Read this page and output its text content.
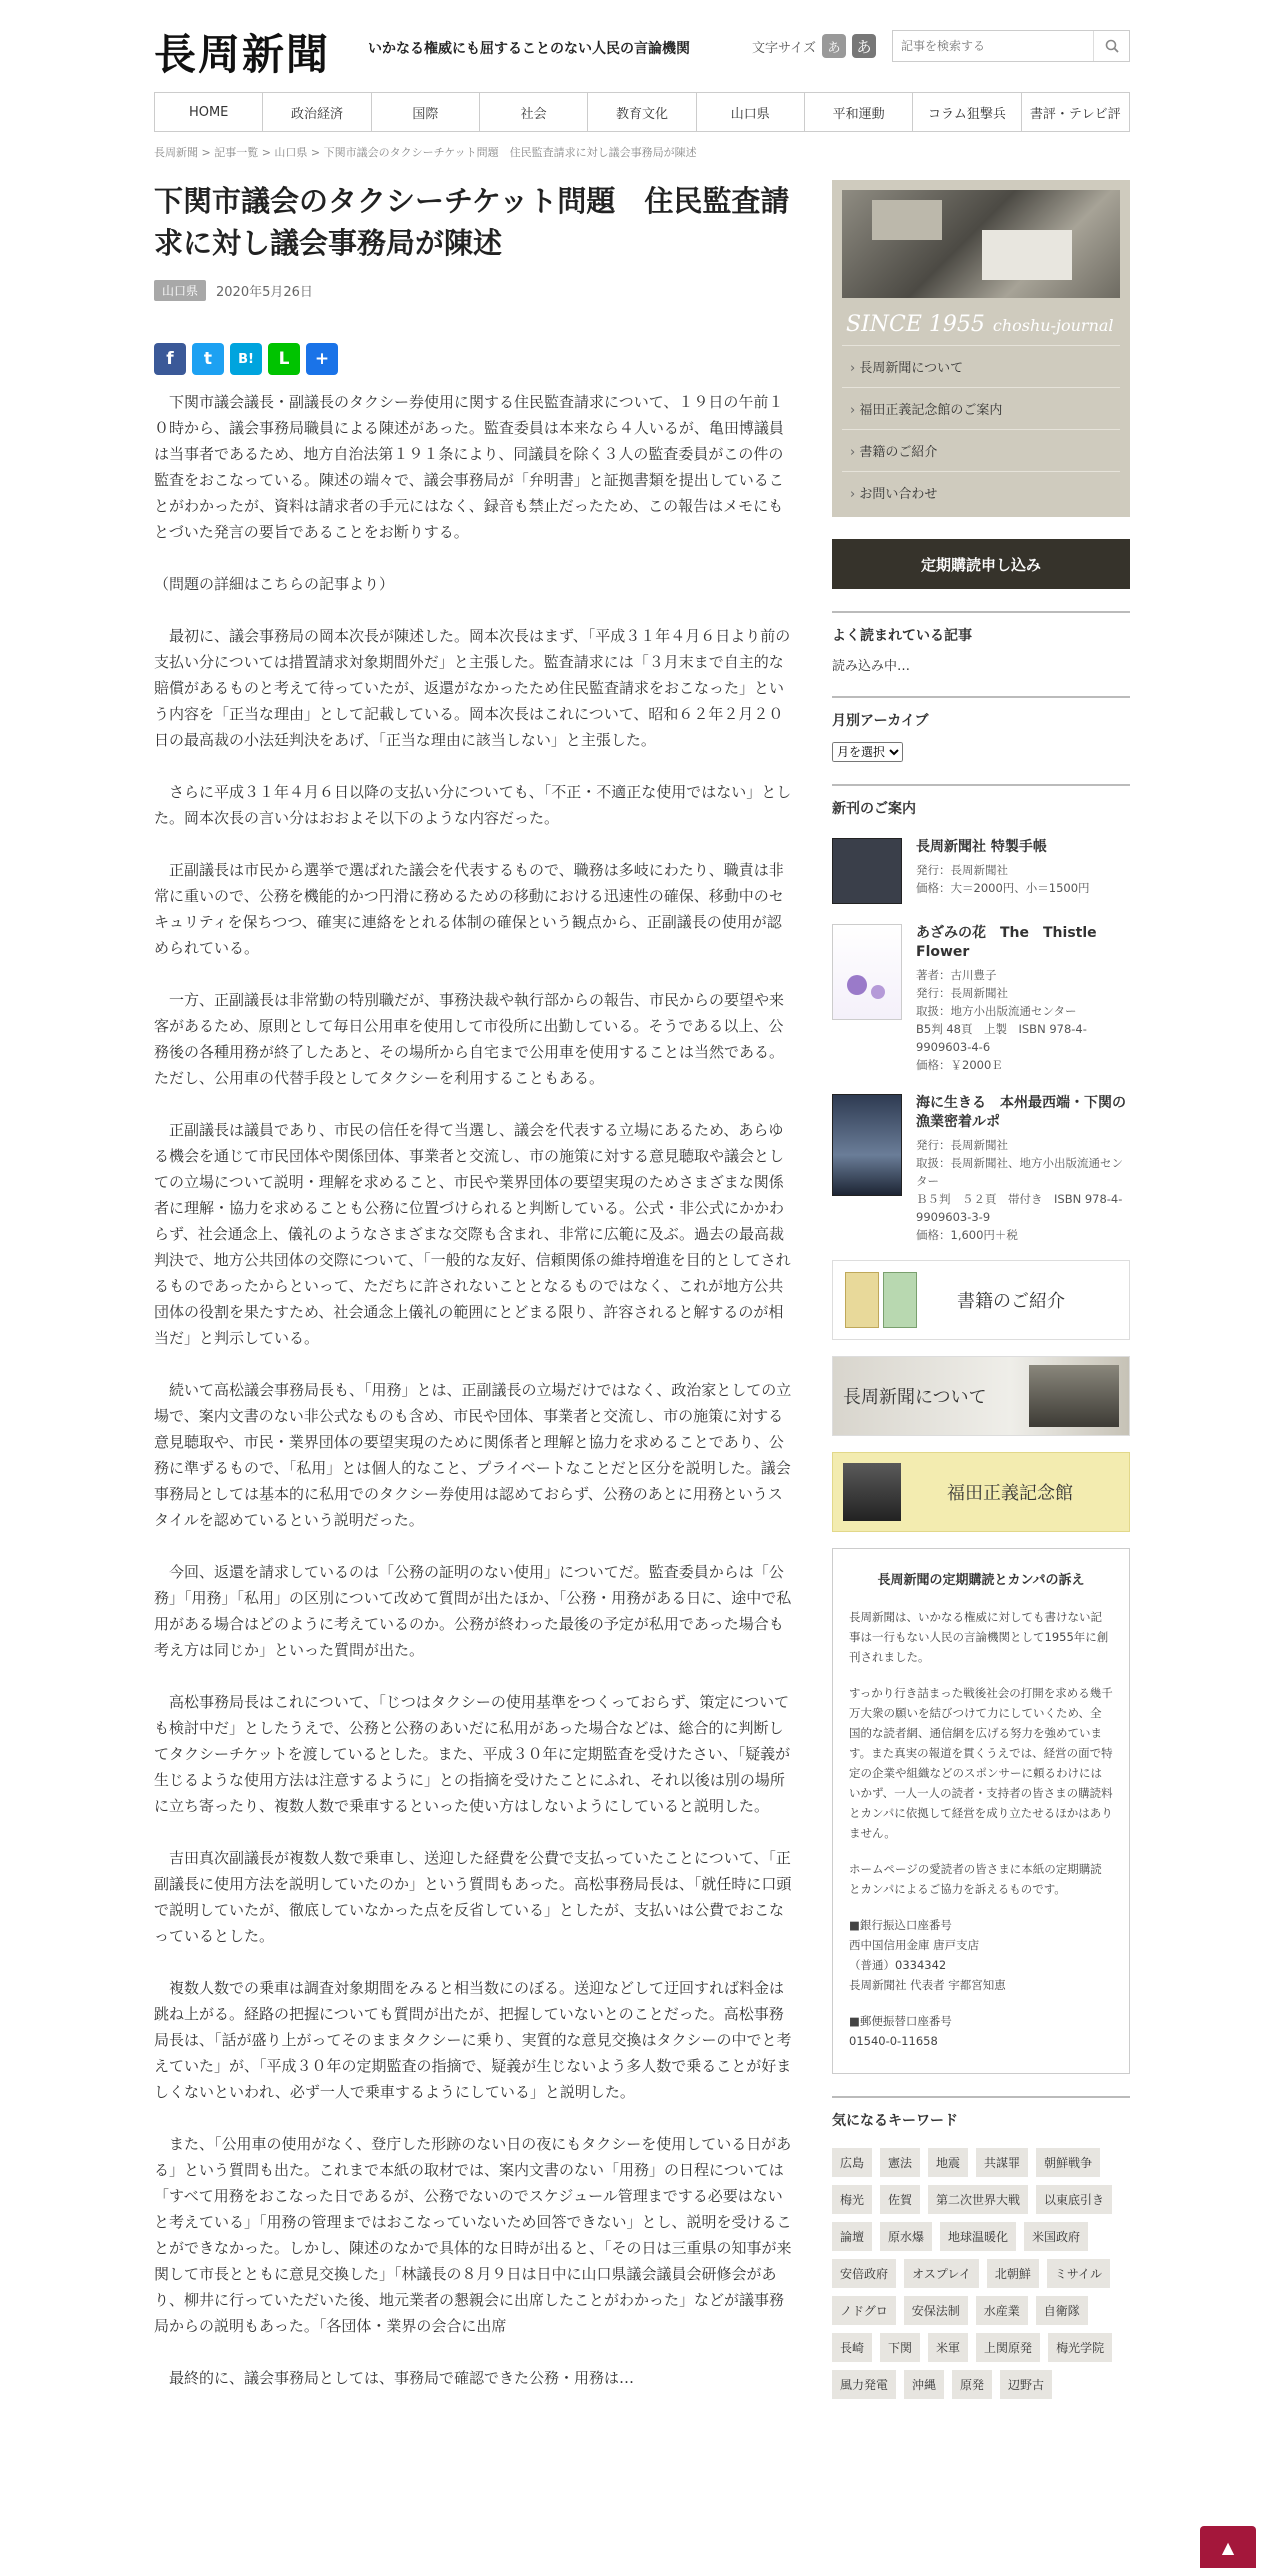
長周新聞	いかなる権威にも屈することのない人民の言論機関	文字サイズ あ	あ
記事を検索する
HOME	政治経済	国際	社会	教育文化	山口県	平和運動	コラム狙撃兵	書評・テレビ評
長周新聞 > 記事一覧 > 山口県 > 下関市議会のタクシーチケット問題　住民監査請求に対し議会事務局が陳述
下関市議会のタクシーチケット問題　住民監査請求に対し議会事務局が陳述
山口県	2020年5月26日
f	t	B!	L	+

下関市議会議長・副議長のタクシー券使用に関する住民監査請求について、１９日の午前１０時から、議会事務局職員による陳述があった。監査委員は本来なら４人いるが、亀田博議員は当事者であるため、地方自治法第１９１条により、同議員を除く３人の監査委員がこの件の監査をおこなっている。陳述の端々で、議会事務局が「弁明書」と証拠書類を提出していることがわかったが、資料は請求者の手元にはなく、録音も禁止だったため、この報告はメモにもとづいた発言の要旨であることをお断りする。

（問題の詳細はこちらの記事より）

最初に、議会事務局の岡本次長が陳述した。岡本次長はまず、「平成３１年４月６日より前の支払い分については措置請求対象期間外だ」と主張した。監査請求には「３月末まで自主的な賠償があるものと考えて待っていたが、返還がなかったため住民監査請求をおこなった」という内容を「正当な理由」として記載している。岡本次長はこれについて、昭和６２年２月２０日の最高裁の小法廷判決をあげ、「正当な理由に該当しない」と主張した。

さらに平成３１年４月６日以降の支払い分についても、「不正・不適正な使用ではない」とした。岡本次長の言い分はおおよそ以下のような内容だった。

正副議長は市民から選挙で選ばれた議会を代表するもので、職務は多岐にわたり、職責は非常に重いので、公務を機能的かつ円滑に務めるための移動における迅速性の確保、移動中のセキュリティを保ちつつ、確実に連絡をとれる体制の確保という観点から、正副議長の使用が認められている。

一方、正副議長は非常勤の特別職だが、事務決裁や執行部からの報告、市民からの要望や来客があるため、原則として毎日公用車を使用して市役所に出勤している。そうである以上、公務後の各種用務が終了したあと、その場所から自宅まで公用車を使用することは当然である。ただし、公用車の代替手段としてタクシーを利用することもある。

正副議長は議員であり、市民の信任を得て当選し、議会を代表する立場にあるため、あらゆる機会を通じて市民団体や関係団体、事業者と交流し、市の施策に対する意見聴取や議会としての立場について説明・理解を求めること、市民や業界団体の要望実現のためさまざまな関係者に理解・協力を求めることも公務に位置づけられると判断している。公式・非公式にかかわらず、社会通念上、儀礼のようなさまざまな交際も含まれ、非常に広範に及ぶ。過去の最高裁判決で、地方公共団体の交際について、「一般的な友好、信頼関係の維持増進を目的としてされるものであったからといって、ただちに許されないこととなるものではなく、これが地方公共団体の役割を果たすため、社会通念上儀礼の範囲にとどまる限り、許容されると解するのが相当だ」と判示している。

続いて高松議会事務局長も、「用務」とは、正副議長の立場だけではなく、政治家としての立場で、案内文書のない非公式なものも含め、市民や団体、事業者と交流し、市の施策に対する意見聴取や、市民・業界団体の要望実現のために関係者と理解と協力を求めることであり、公務に準ずるもので、「私用」とは個人的なこと、プライベートなことだと区分を説明した。議会事務局としては基本的に私用でのタクシー券使用は認めておらず、公務のあとに用務というスタイルを認めているという説明だった。

今回、返還を請求しているのは「公務の証明のない使用」についてだ。監査委員からは「公務」「用務」「私用」の区別について改めて質問が出たほか、「公務・用務がある日に、途中で私用がある場合はどのように考えているのか。公務が終わった最後の予定が私用であった場合も考え方は同じか」といった質問が出た。

高松事務局長はこれについて、「じつはタクシーの使用基準をつくっておらず、策定についても検討中だ」としたうえで、公務と公務のあいだに私用があった場合などは、総合的に判断してタクシーチケットを渡しているとした。また、平成３０年に定期監査を受けたさい、「疑義が生じるような使用方法は注意するように」との指摘を受けたことにふれ、それ以後は別の場所に立ち寄ったり、複数人数で乗車するといった使い方はしないようにしていると説明した。

吉田真次副議長が複数人数で乗車し、送迎した経費を公費で支払っていたことについて、「正副議長に使用方法を説明していたのか」という質問もあった。高松事務局長は、「就任時に口頭で説明していたが、徹底していなかった点を反省している」としたが、支払いは公費でおこなっているとした。

複数人数での乗車は調査対象期間をみると相当数にのぼる。送迎などして迂回すれば料金は跳ね上がる。経路の把握についても質問が出たが、把握していないとのことだった。高松事務局長は、「話が盛り上がってそのままタクシーに乗り、実質的な意見交換はタクシーの中でと考えていた」が、「平成３０年の定期監査の指摘で、疑義が生じないよう多人数で乗ることが好ましくないといわれ、必ず一人で乗車するようにしている」と説明した。

また、「公用車の使用がなく、登庁した形跡のない日の夜にもタクシーを使用している日がある」という質問も出た。これまで本紙の取材では、案内文書のない「用務」の日程については「すべて用務をおこなった日であるが、公務でないのでスケジュール管理までする必要はないと考えている」「用務の管理まではおこなっていないため回答できない」とし、説明を受けることができなかった。しかし、陳述のなかで具体的な日時が出ると、「その日は三重県の知事が来関して市長とともに意見交換した」「林議長の８月９日は日中に山口県議会議員会研修会があり、柳井に行っていただいた後、地元業者の懇親会に出席したことがわかった」などが議事務局からの説明もあった。「各団体・業界の会合に出席

最終的に、議会事務局としては、事務局で確認できた公務・用務は…

SINCE 1955 choshu-journal
› 長周新聞について
› 福田正義記念館のご案内
› 書籍のご紹介
› お問い合わせ
定期購読申し込み
よく読まれている記事
読み込み中…
月別アーカイブ
月を選択
新刊のご案内
長周新聞社 特製手帳
発行：長周新聞社
価格：大＝2000円、小＝1500円
あざみの花　The　Thistle Flower
著者：古川豊子
発行：長周新聞社
取扱：地方小出版流通センター
B5判 48頁　上製　ISBN 978-4-9909603-4-6
価格：￥2000Ｅ
海に生きる　本州最西端・下関の漁業密着ルポ
発行：長周新聞社
取扱：長周新聞社、地方小出版流通センター
Ｂ５判　５２頁　帯付き　ISBN 978-4-9909603-3-9
価格：1,600円＋税
書籍のご紹介
長周新聞について
福田正義記念館
長周新聞の定期購読とカンパの訴え

長周新聞は、いかなる権威に対しても書けない記事は一行もない人民の言論機関として1955年に創刊されました。

すっかり行き詰まった戦後社会の打開を求める幾千万大衆の願いを結びつけて力にしていくため、全国的な読者網、通信網を広げる努力を強めています。また真実の報道を貫くうえでは、経営の面で特定の企業や組織などのスポンサーに頼るわけにはいかず、一人一人の読者・支持者の皆さまの購読料とカンパに依拠して経営を成り立たせるほかはありません。

ホームページの愛読者の皆さまに本紙の定期購読とカンパによるご協力を訴えるものです。

■銀行振込口座番号
西中国信用金庫 唐戸支店
（普通）0334342
長周新聞社 代表者 宇都宮知恵

■郵便振替口座番号
01540-0-11658

気になるキーワード
広島	憲法	地震	共謀罪	朝鮮戦争
梅光	佐賀	第二次世界大戦	以東底引き
論壇	原水爆	地球温暖化	米国政府
安倍政府	オスプレイ	北朝鮮	ミサイル
ノドグロ	安保法制	水産業	自衛隊
長崎	下関	米軍	上関原発	梅光学院
風力発電	沖縄	原発	辺野古
▲
